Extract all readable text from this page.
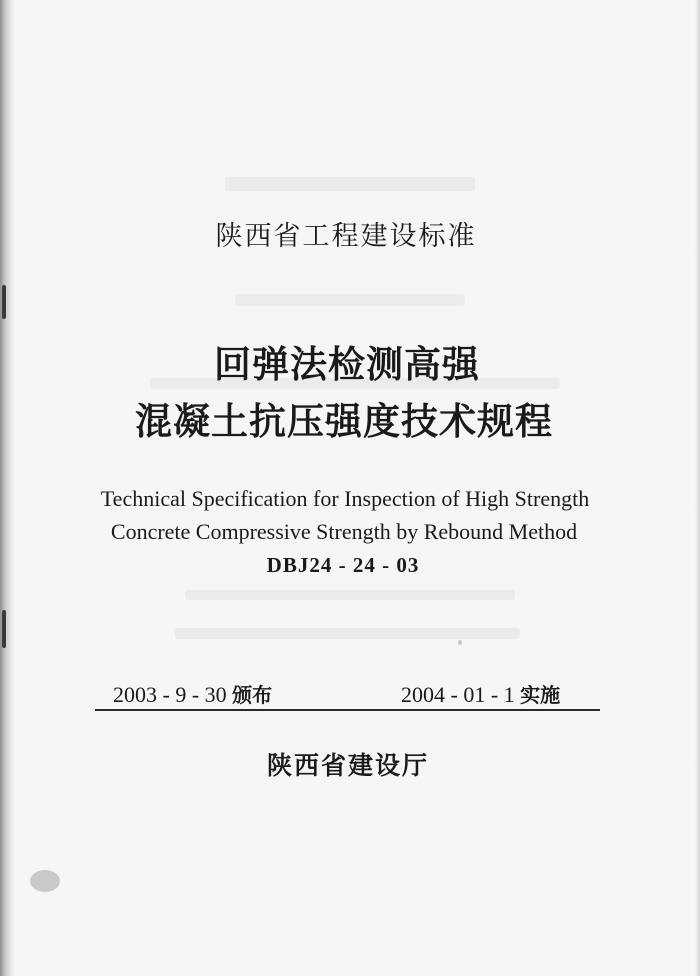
陕西省工程建设标准
回弹法检测高强
混凝土抗压强度技术规程
Technical Specification for Inspection of High Strength
Concrete Compressive Strength by Rebound Method
DBJ24 - 24 - 03
2003 - 9 - 30 颁布	2004 - 01 - 1 实施
陕西省建设厅
